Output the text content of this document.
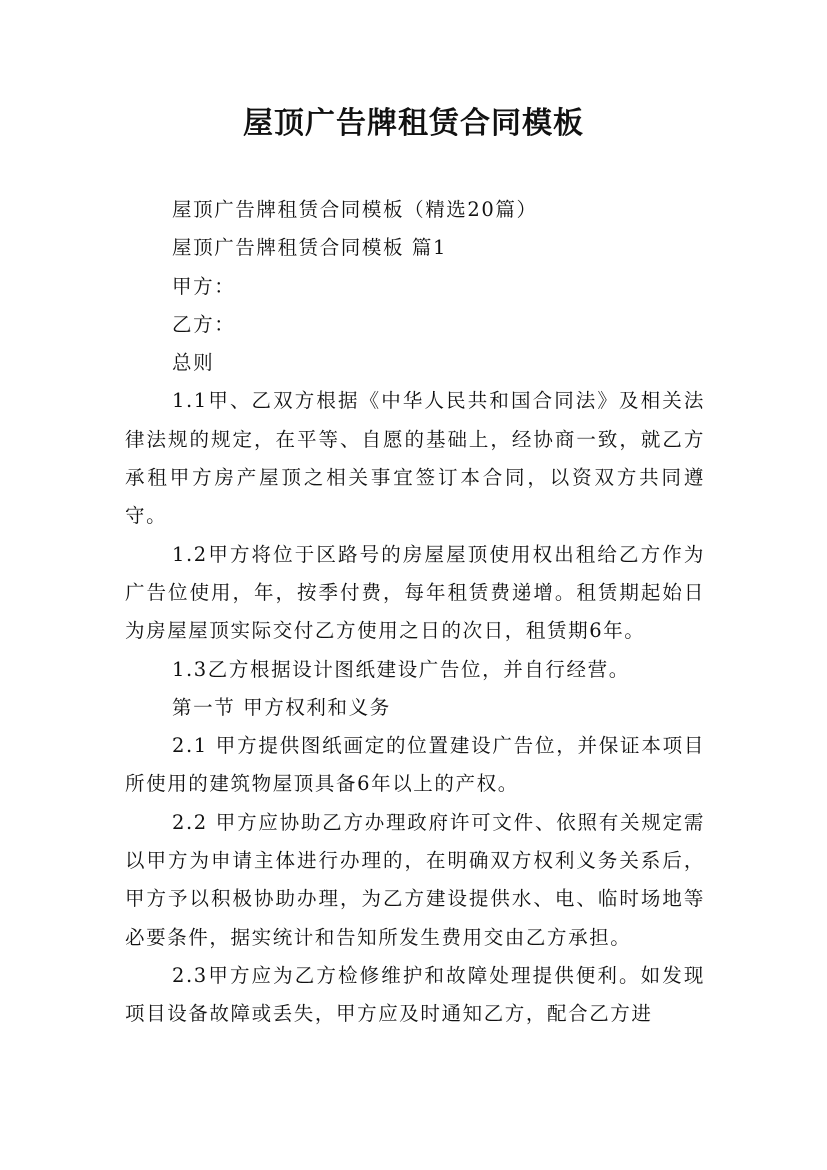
屋顶广告牌租赁合同模板

屋顶广告牌租赁合同模板（精选20篇）

屋顶广告牌租赁合同模板 篇1

甲方：

乙方：

总则

1.1甲、乙双方根据《中华人民共和国合同法》及相关法律法规的规定，在平等、自愿的基础上，经协商一致，就乙方承租甲方房产屋顶之相关事宜签订本合同，以资双方共同遵守。

1.2甲方将位于区路号的房屋屋顶使用权出租给乙方作为广告位使用，年，按季付费，每年租赁费递增。租赁期起始日为房屋屋顶实际交付乙方使用之日的次日，租赁期6年。

1.3乙方根据设计图纸建设广告位，并自行经营。

第一节 甲方权利和义务

2.1 甲方提供图纸画定的位置建设广告位，并保证本项目所使用的建筑物屋顶具备6年以上的产权。

2.2 甲方应协助乙方办理政府许可文件、依照有关规定需以甲方为申请主体进行办理的，在明确双方权利义务关系后，甲方予以积极协助办理，为乙方建设提供水、电、临时场地等必要条件，据实统计和告知所发生费用交由乙方承担。

2.3甲方应为乙方检修维护和故障处理提供便利。如发现项目设备故障或丢失，甲方应及时通知乙方，配合乙方进
